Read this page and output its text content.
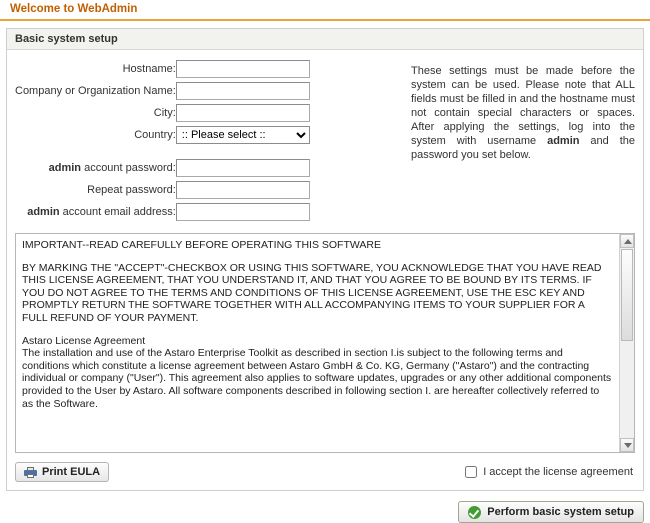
Welcome to WebAdmin
Basic system setup
Hostname:	
Company or Organization Name:	
City:	
Country:	
:: Please select ::

admin account password:	
Repeat password:	
admin account email address:	
These settings must be made before the system can be used. Please note that ALL fields must be filled in and the hostname must not contain special characters or spaces. After applying the settings, log into the system with username admin and the password you set below.

IMPORTANT--READ CAREFULLY BEFORE OPERATING THIS SOFTWARE

BY MARKING THE "ACCEPT"-CHECKBOX OR USING THIS SOFTWARE, YOU ACKNOWLEDGE THAT YOU HAVE READ THIS LICENSE AGREEMENT, THAT YOU UNDERSTAND IT, AND THAT YOU AGREE TO BE BOUND BY ITS TERMS. IF YOU DO NOT AGREE TO THE TERMS AND CONDITIONS OF THIS LICENSE AGREEMENT, USE THE ESC KEY AND PROMPTLY RETURN THE SOFTWARE TOGETHER WITH ALL ACCOMPANYING ITEMS TO YOUR SUPPLIER FOR A FULL REFUND OF YOUR PAYMENT.

Astaro License Agreement

The installation and use of the Astaro Enterprise Toolkit as described in section I.is subject to the following terms and conditions which constitute a license agreement between Astaro GmbH & Co. KG, Germany ("Astaro") and the contracting individual or company ("User"). This agreement also applies to software updates, upgrades or any other additional components provided to the User by Astaro. All software components described in following section I. are hereafter collectively referred to as the Software.

Print EULA	I accept the license agreement
Perform basic system setup
